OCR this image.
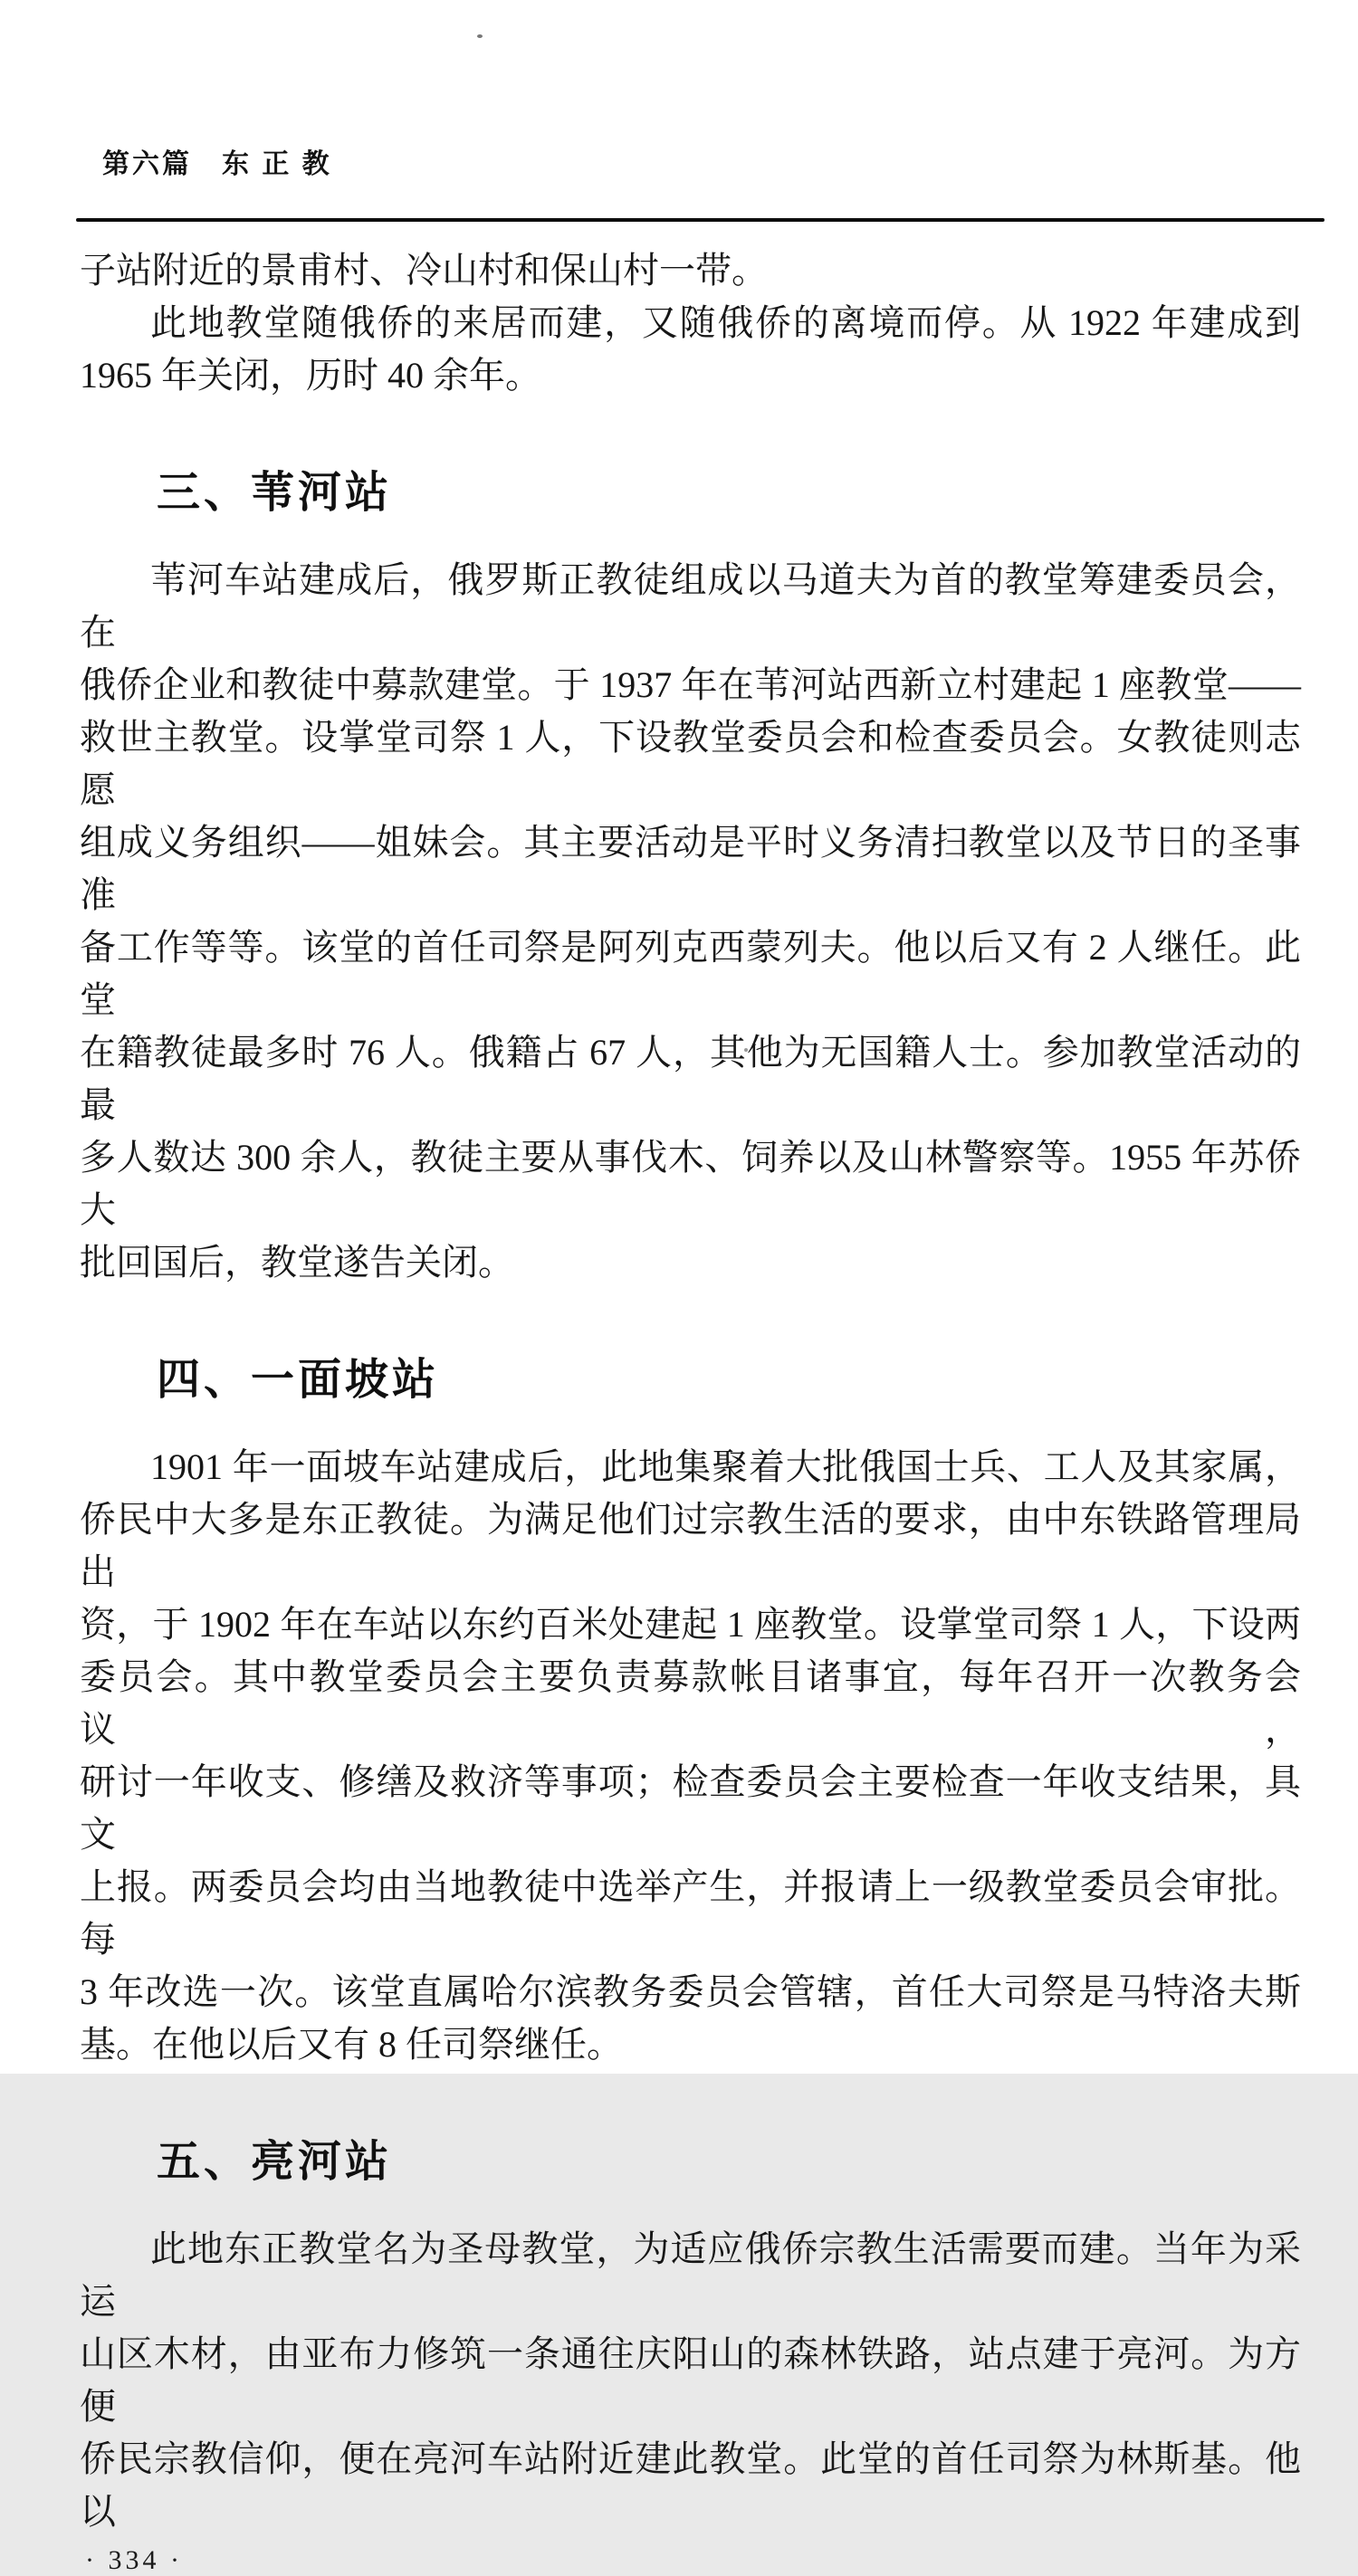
第六篇　东 正 教
子站附近的景甫村、冷山村和保山村一带。
此地教堂随俄侨的来居而建，又随俄侨的离境而停。从 1922 年建成到
1965 年关闭，历时 40 余年。
三、苇河站
苇河车站建成后，俄罗斯正教徒组成以马道夫为首的教堂筹建委员会，在
俄侨企业和教徒中募款建堂。于 1937 年在苇河站西新立村建起 1 座教堂——
救世主教堂。设掌堂司祭 1 人，下设教堂委员会和检查委员会。女教徒则志愿
组成义务组织——姐妹会。其主要活动是平时义务清扫教堂以及节日的圣事准
备工作等等。该堂的首任司祭是阿列克西蒙列夫。他以后又有 2 人继任。此堂
在籍教徒最多时 76 人。俄籍占 67 人，其他为无国籍人士。参加教堂活动的最
多人数达 300 余人，教徒主要从事伐木、饲养以及山林警察等。1955 年苏侨大
批回国后，教堂遂告关闭。
四、一面坡站
1901 年一面坡车站建成后，此地集聚着大批俄国士兵、工人及其家属，
侨民中大多是东正教徒。为满足他们过宗教生活的要求，由中东铁路管理局出
资，于 1902 年在车站以东约百米处建起 1 座教堂。设掌堂司祭 1 人，下设两
委员会。其中教堂委员会主要负责募款帐目诸事宜，每年召开一次教务会议，
研讨一年收支、修缮及救济等事项；检查委员会主要检查一年收支结果，具文
上报。两委员会均由当地教徒中选举产生，并报请上一级教堂委员会审批。每
3 年改选一次。该堂直属哈尔滨教务委员会管辖，首任大司祭是马特洛夫斯
基。在他以后又有 8 任司祭继任。
五、亮河站
此地东正教堂名为圣母教堂，为适应俄侨宗教生活需要而建。当年为采运
山区木材，由亚布力修筑一条通往庆阳山的森林铁路，站点建于亮河。为方便
侨民宗教信仰，便在亮河车站附近建此教堂。此堂的首任司祭为林斯基。他以
· 334 ·
